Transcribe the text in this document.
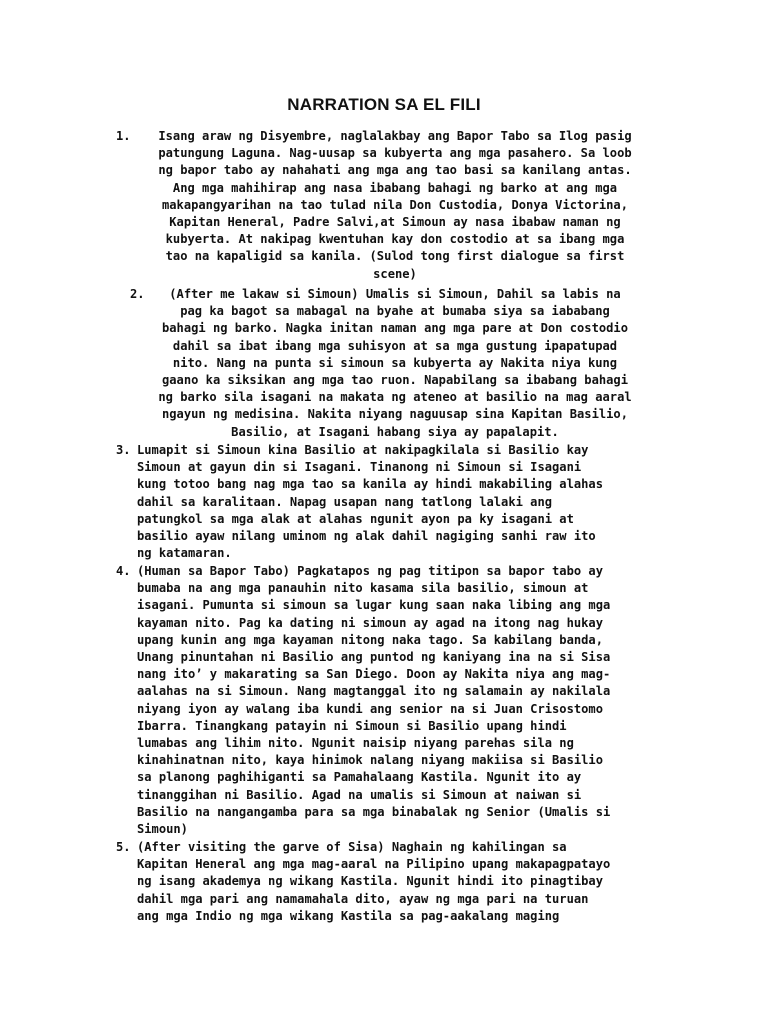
NARRATION SA EL FILI

1.

	Isang araw ng Disyembre, naglalakbay ang Bapor Tabo sa Ilog pasig
patungung Laguna. Nag-uusap sa kubyerta ang mga pasahero. Sa loob
ng bapor tabo ay nahahati ang mga ang tao basi sa kanilang antas.
Ang mga mahihirap ang nasa ibabang bahagi ng barko at ang mga
makapangyarihan na tao tulad nila Don Custodia, Donya Victorina,
Kapitan Heneral, Padre Salvi,at Simoun ay nasa ibabaw naman ng
kubyerta. At nakipag kwentuhan kay don costodio at sa ibang mga
tao na kapaligid sa kanila. (Sulod tong first dialogue sa first
scene)

2.

	(After me lakaw si Simoun) Umalis si Simoun, Dahil sa labis na
pag ka bagot sa mabagal na byahe at bumaba siya sa iababang
bahagi ng barko. Nagka initan naman ang mga pare at Don costodio
dahil sa ibat ibang mga suhisyon at sa mga gustung ipapatupad
nito. Nang na punta si simoun sa kubyerta ay Nakita niya kung
gaano ka siksikan ang mga tao ruon. Napabilang sa ibabang bahagi
ng barko sila isagani na makata ng ateneo at basilio na mag aaral
ngayun ng medisina. Nakita niyang naguusap sina Kapitan Basilio,
Basilio, at Isagani habang siya ay papalapit.

3.

Lumapit si Simoun kina Basilio at nakipagkilala si Basilio kay
Simoun at gayun din si Isagani. Tinanong ni Simoun si Isagani
kung totoo bang nag mga tao sa kanila ay hindi makabiling alahas
dahil sa karalitaan. Napag usapan nang tatlong lalaki ang
patungkol sa mga alak at alahas ngunit ayon pa ky isagani at
basilio ayaw nilang uminom ng alak dahil nagiging sanhi raw ito
ng katamaran.

4.

(Human sa Bapor Tabo) Pagkatapos ng pag titipon sa bapor tabo ay
bumaba na ang mga panauhin nito kasama sila basilio, simoun at
isagani. Pumunta si simoun sa lugar kung saan naka libing ang mga
kayaman nito. Pag ka dating ni simoun ay agad na itong nag hukay
upang kunin ang mga kayaman nitong naka tago. Sa kabilang banda,
Unang pinuntahan ni Basilio ang puntod ng kaniyang ina na si Sisa
nang ito’ y makarating sa San Diego. Doon ay Nakita niya ang mag-
aalahas na si Simoun. Nang magtanggal ito ng salamain ay nakilala
niyang iyon ay walang iba kundi ang senior na si Juan Crisostomo
Ibarra. Tinangkang patayin ni Simoun si Basilio upang hindi
lumabas ang lihim nito. Ngunit naisip niyang parehas sila ng
kinahinatnan nito, kaya hinimok nalang niyang makiisa si Basilio
sa planong paghihiganti sa Pamahalaang Kastila. Ngunit ito ay
tinanggihan ni Basilio. Agad na umalis si Simoun at naiwan si
Basilio na nangangamba para sa mga binabalak ng Senior (Umalis si
Simoun)

5.

(After visiting the garve of Sisa) Naghain ng kahilingan sa
Kapitan Heneral ang mga mag-aaral na Pilipino upang makapagpatayo
ng isang akademya ng wikang Kastila. Ngunit hindi ito pinagtibay
dahil mga pari ang namamahala dito, ayaw ng mga pari na turuan
ang mga Indio ng mga wikang Kastila sa pag-aakalang maging
